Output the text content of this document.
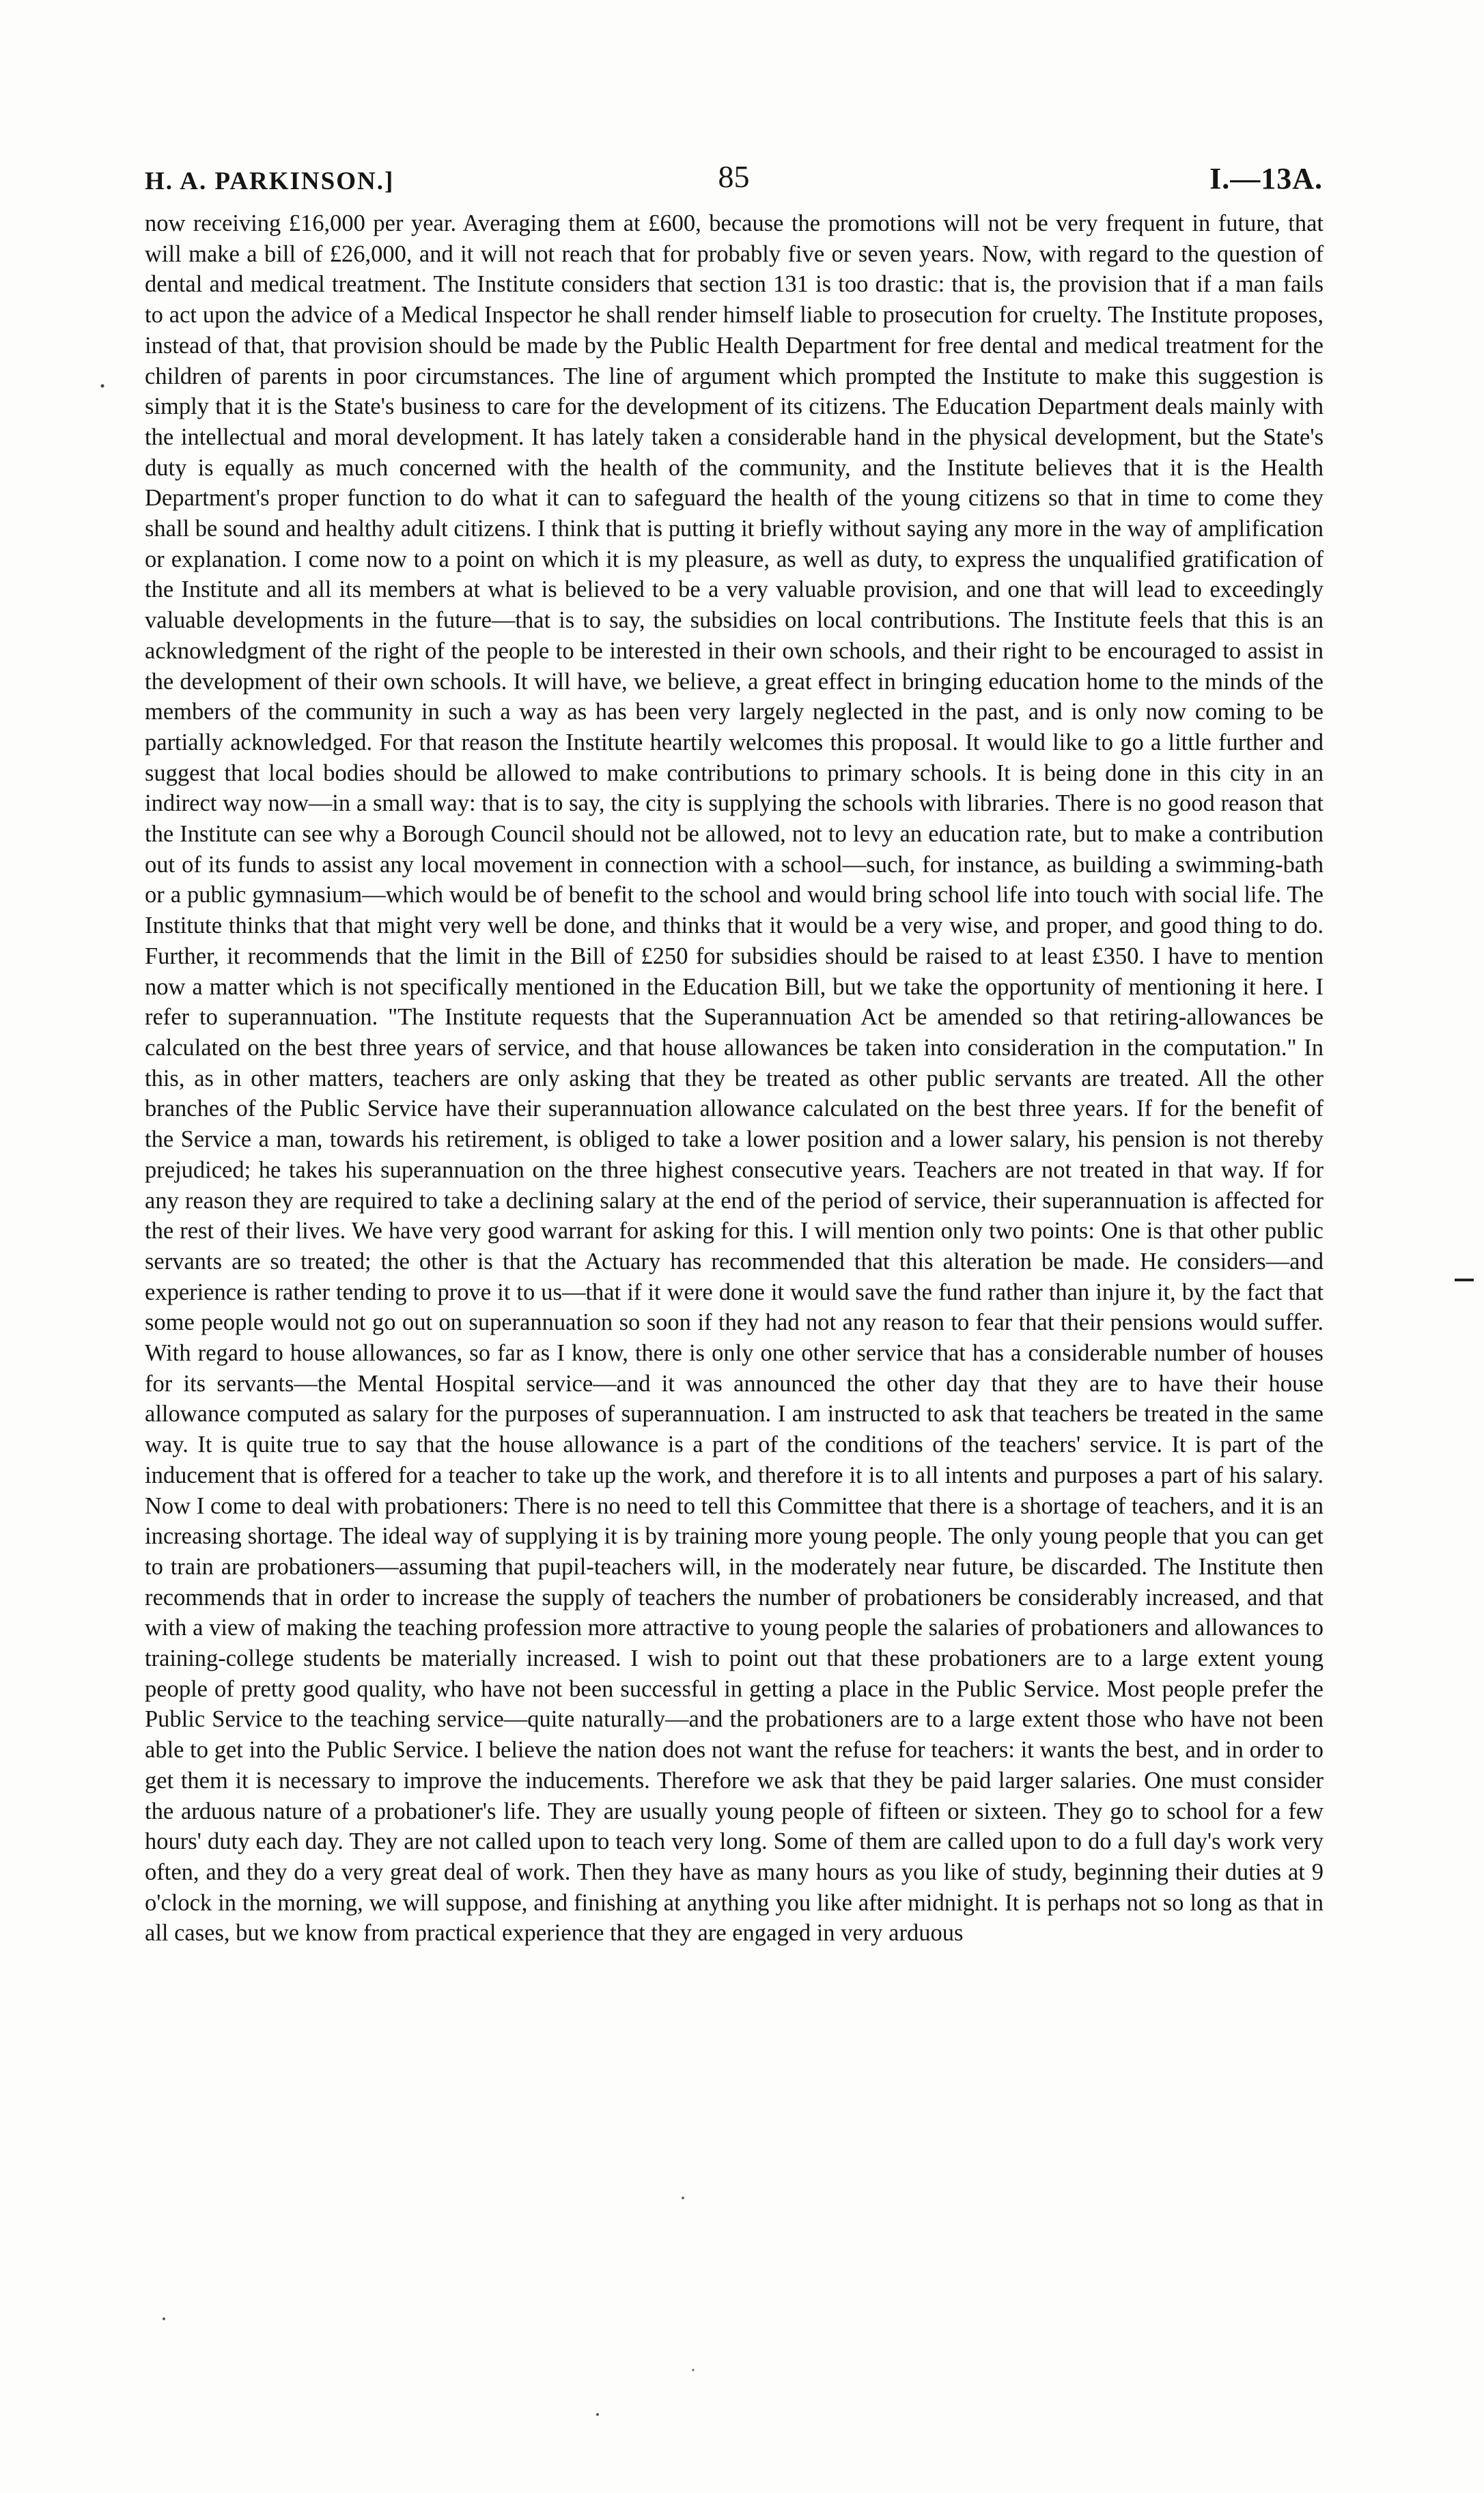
H. A. PARKINSON.]	85	I.—13A.

now receiving £16,000 per year. Averaging them at £600, because the promotions will not be very frequent in future, that will make a bill of £26,000, and it will not reach that for probably five or seven years. Now, with regard to the question of dental and medical treatment. The Institute considers that section 131 is too drastic: that is, the provision that if a man fails to act upon the advice of a Medical Inspector he shall render himself liable to prosecution for cruelty. The Institute proposes, instead of that, that provision should be made by the Public Health Department for free dental and medical treatment for the children of parents in poor circumstances. The line of argument which prompted the Institute to make this suggestion is simply that it is the State's business to care for the development of its citizens. The Education Department deals mainly with the intellectual and moral development. It has lately taken a considerable hand in the physical development, but the State's duty is equally as much concerned with the health of the community, and the Institute believes that it is the Health Department's proper function to do what it can to safeguard the health of the young citizens so that in time to come they shall be sound and healthy adult citizens. I think that is putting it briefly without saying any more in the way of amplification or explanation. I come now to a point on which it is my pleasure, as well as duty, to express the unqualified gratification of the Institute and all its members at what is believed to be a very valuable provision, and one that will lead to exceedingly valuable developments in the future—that is to say, the subsidies on local contributions. The Institute feels that this is an acknowledgment of the right of the people to be interested in their own schools, and their right to be encouraged to assist in the development of their own schools. It will have, we believe, a great effect in bringing education home to the minds of the members of the community in such a way as has been very largely neglected in the past, and is only now coming to be partially acknowledged. For that reason the Institute heartily welcomes this proposal. It would like to go a little further and suggest that local bodies should be allowed to make contributions to primary schools. It is being done in this city in an indirect way now—in a small way: that is to say, the city is supplying the schools with libraries. There is no good reason that the Institute can see why a Borough Council should not be allowed, not to levy an education rate, but to make a contribution out of its funds to assist any local movement in connection with a school—such, for instance, as building a swimming-bath or a public gymnasium—which would be of benefit to the school and would bring school life into touch with social life. The Institute thinks that that might very well be done, and thinks that it would be a very wise, and proper, and good thing to do. Further, it recommends that the limit in the Bill of £250 for subsidies should be raised to at least £350. I have to mention now a matter which is not specifically mentioned in the Education Bill, but we take the opportunity of mentioning it here. I refer to superannuation. "The Institute requests that the Superannuation Act be amended so that retiring-allowances be calculated on the best three years of service, and that house allowances be taken into consideration in the computation." In this, as in other matters, teachers are only asking that they be treated as other public servants are treated. All the other branches of the Public Service have their superannuation allowance calculated on the best three years. If for the benefit of the Service a man, towards his retirement, is obliged to take a lower position and a lower salary, his pension is not thereby prejudiced; he takes his superannuation on the three highest consecutive years. Teachers are not treated in that way. If for any reason they are required to take a declining salary at the end of the period of service, their superannuation is affected for the rest of their lives. We have very good warrant for asking for this. I will mention only two points: One is that other public servants are so treated; the other is that the Actuary has recommended that this alteration be made. He considers—and experience is rather tending to prove it to us—that if it were done it would save the fund rather than injure it, by the fact that some people would not go out on superannuation so soon if they had not any reason to fear that their pensions would suffer. With regard to house allowances, so far as I know, there is only one other service that has a considerable number of houses for its servants—the Mental Hospital service—and it was announced the other day that they are to have their house allowance computed as salary for the purposes of superannuation. I am instructed to ask that teachers be treated in the same way. It is quite true to say that the house allowance is a part of the conditions of the teachers' service. It is part of the inducement that is offered for a teacher to take up the work, and therefore it is to all intents and purposes a part of his salary. Now I come to deal with probationers: There is no need to tell this Committee that there is a shortage of teachers, and it is an increasing shortage. The ideal way of supplying it is by training more young people. The only young people that you can get to train are probationers—assuming that pupil-teachers will, in the moderately near future, be discarded. The Institute then recommends that in order to increase the supply of teachers the number of probationers be considerably increased, and that with a view of making the teaching profession more attractive to young people the salaries of probationers and allowances to training-college students be materially increased. I wish to point out that these probationers are to a large extent young people of pretty good quality, who have not been successful in getting a place in the Public Service. Most people prefer the Public Service to the teaching service—quite naturally—and the probationers are to a large extent those who have not been able to get into the Public Service. I believe the nation does not want the refuse for teachers: it wants the best, and in order to get them it is necessary to improve the inducements. Therefore we ask that they be paid larger salaries. One must consider the arduous nature of a probationer's life. They are usually young people of fifteen or sixteen. They go to school for a few hours' duty each day. They are not called upon to teach very long. Some of them are called upon to do a full day's work very often, and they do a very great deal of work. Then they have as many hours as you like of study, beginning their duties at 9 o'clock in the morning, we will suppose, and finishing at anything you like after midnight. It is perhaps not so long as that in all cases, but we know from practical experience that they are engaged in very arduous
